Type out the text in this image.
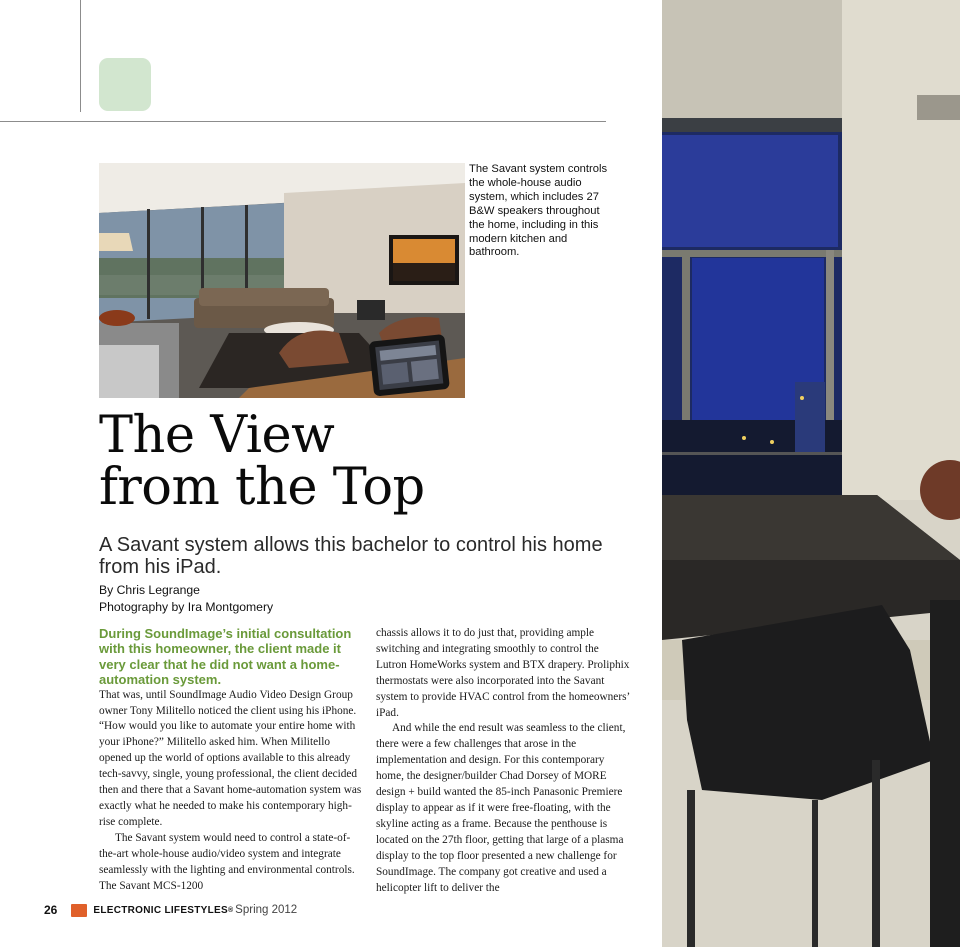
The Savant system controls the whole-house audio system, which includes 27 B&W speakers throughout the home, including in this modern kitchen and bathroom.
The View
from the Top

A Savant system allows this bachelor to control his home from his iPad.

By Chris Legrange
Photography by Ira Montgomery

During SoundImage’s initial consultation with this homeowner, the client made it very clear that he did not want a home-automation system.

That was, until SoundImage Audio Video Design Group owner Tony Militello noticed the client using his iPhone. “How would you like to automate your entire home with your iPhone?” Militello asked him. When Militello opened up the world of options available to this already tech-savvy, single, young professional, the client decided then and there that a Savant home-automation system was exactly what he needed to make his contemporary high-rise complete.

The Savant system would need to control a state-of-the-art whole-house audio/video system and integrate seamlessly with the lighting and environmental controls. The Savant MCS-1200

chassis allows it to do just that, providing ample switching and integrating smoothly to control the Lutron HomeWorks system and BTX drapery. Proliphix thermostats were also incorporated into the Savant system to provide HVAC control from the homeowners’ iPad.

And while the end result was seamless to the client, there were a few challenges that arose in the implementation and design. For this contemporary home, the designer/builder Chad Dorsey of MORE design + build wanted the 85-inch Panasonic Premiere display to appear as if it were free-floating, with the skyline acting as a frame. Because the penthouse is located on the 27th floor, getting that large of a plasma display to the top floor presented a new challenge for SoundImage. The company got creative and used a helicopter lift to deliver the

26	ELECTRONIC LIFESTYLES ® Spring 2012
